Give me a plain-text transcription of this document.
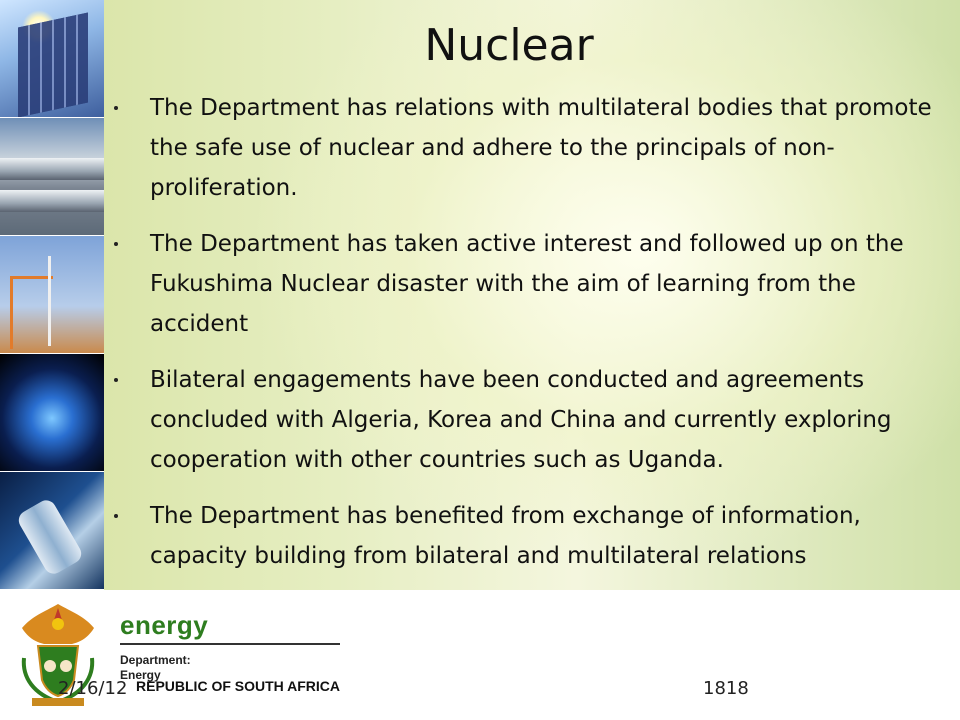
Nuclear
The Department has relations with multilateral bodies that promote the safe use of nuclear and adhere to the principals of non-proliferation.
The Department has taken active interest and followed up on the Fukushima Nuclear disaster with the aim of learning from the accident
Bilateral engagements have been conducted and agreements concluded with Algeria, Korea and China and currently exploring cooperation with other countries such as Uganda.
The Department has benefited from exchange of information, capacity building from bilateral and multilateral relations
energy
Department:
Energy
REPUBLIC OF SOUTH AFRICA
2/16/12	1818
